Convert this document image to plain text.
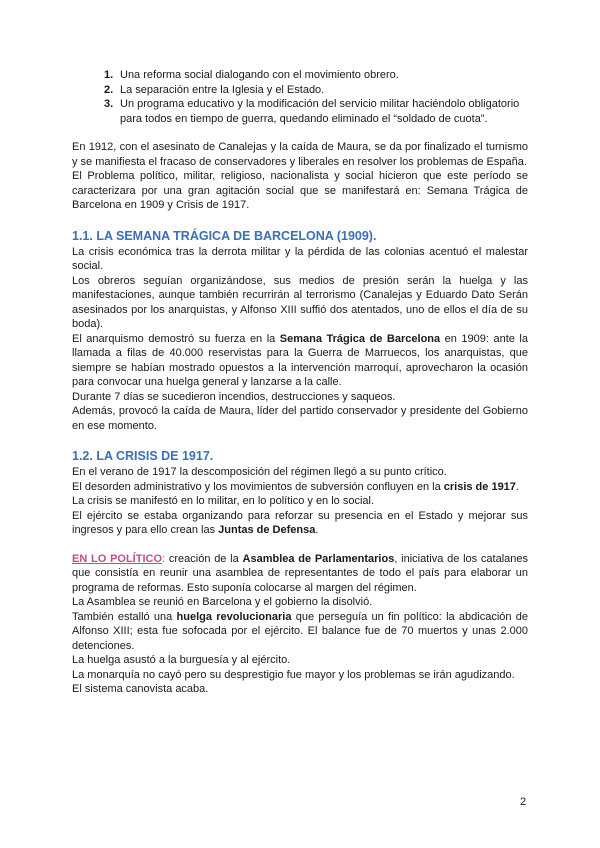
1. Una reforma social dialogando con el movimiento obrero.
2. La separación entre la Iglesia y el Estado.
3. Un programa educativo y la modificación del servicio militar haciéndolo obligatorio para todos en tiempo de guerra, quedando eliminado el “soldado de cuota”.

En 1912, con el asesinato de Canalejas y la caída de Maura, se da por finalizado el turnismo y se manifiesta el fracaso de conservadores y liberales en resolver los problemas de España.

El Problema político, militar, religioso, nacionalista y social hicieron que este período se caracterizara por una gran agitación social que se manifestará en: Semana Trágica de Barcelona en 1909 y Crisis de 1917.

1.1. LA SEMANA TRÁGICA DE BARCELONA (1909).

La crisis económica tras la derrota militar y la pérdida de las colonias acentuó el malestar social.

Los obreros seguían organizándose, sus medios de presión serán la huelga y las manifestaciones, aunque también recurrirán al terrorismo (Canalejas y Eduardo Dato Serán asesinados por los anarquistas, y Alfonso XIII suffió dos atentados, uno de ellos el día de su boda).

El anarquismo demostró su fuerza en la Semana Trágica de Barcelona en 1909: ante la llamada a filas de 40.000 reservistas para la Guerra de Marruecos, los anarquistas, que siempre se habían mostrado opuestos a la intervención marroquí, aprovecharon la ocasión para convocar una huelga general y lanzarse a la calle.

Durante 7 días se sucedieron incendios, destrucciones y saqueos.

Además, provocó la caída de Maura, líder del partido conservador y presidente del Gobierno en ese momento.

1.2. LA CRISIS DE 1917.

En el verano de 1917 la descomposición del régimen llegó a su punto crítico.

El desorden administrativo y los movimientos de subversión confluyen en la crisis de 1917.

La crisis se manifestó en lo militar, en lo político y en lo social.

El ejército se estaba organizando para reforzar su presencia en el Estado y mejorar sus ingresos y para ello crean las Juntas de Defensa.

EN LO POLÍTICO: creación de la Asamblea de Parlamentarios, iniciativa de los catalanes que consistía en reunir una asamblea de representantes de todo el país para elaborar un programa de reformas. Esto suponía colocarse al margen del régimen.

La Asamblea se reunió en Barcelona y el gobierno la disolvió.

También estalló una huelga revolucionaria que perseguía un fin político: la abdicación de Alfonso XIII; esta fue sofocada por el ejército. El balance fue de 70 muertos y unas 2.000 detenciones.

La huelga asustó a la burguesía y al ejército.

La monarquía no cayó pero su desprestigio fue mayor y los problemas se irán agudizando.

El sistema canovista acaba.

2
